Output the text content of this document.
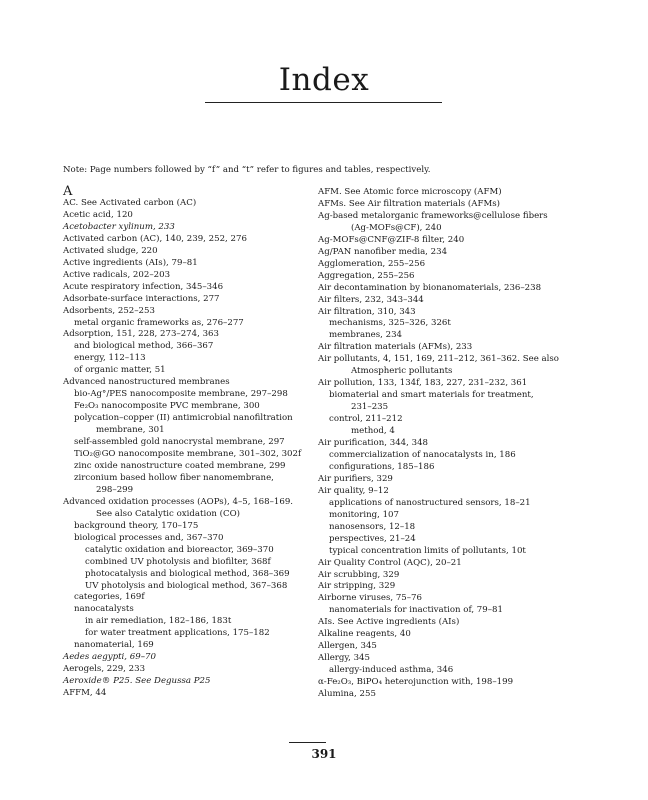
Index
Note: Page numbers followed by “f” and “t” refer to figures and tables, respectively.
A
AC. See Activated carbon (AC)
Acetic acid, 120
Acetobacter xylinum, 233
Activated carbon (AC), 140, 239, 252, 276
Activated sludge, 220
Active ingredients (AIs), 79–81
Active radicals, 202–203
Acute respiratory infection, 345–346
Adsorbate-surface interactions, 277
Adsorbents, 252–253
metal organic frameworks as, 276–277
Adsorption, 151, 228, 273–274, 363
and biological method, 366–367
energy, 112–113
of organic matter, 51
Advanced nanostructured membranes
bio-Ag°/PES nanocomposite membrane, 297–298
Fe₂O₃ nanocomposite PVC membrane, 300
polycation–copper (II) antimicrobial nanofiltration
membrane, 301
self-assembled gold nanocrystal membrane, 297
TiO₂@GO nanocomposite membrane, 301–302, 302f
zinc oxide nanostructure coated membrane, 299
zirconium based hollow fiber nanomembrane,
298–299
Advanced oxidation processes (AOPs), 4–5, 168–169.
See also Catalytic oxidation (CO)
background theory, 170–175
biological processes and, 367–370
catalytic oxidation and bioreactor, 369–370
combined UV photolysis and biofilter, 368f
photocatalysis and biological method, 368–369
UV photolysis and biological method, 367–368
categories, 169f
nanocatalysts
in air remediation, 182–186, 183t
for water treatment applications, 175–182
nanomaterial, 169
Aedes aegypti, 69–70
Aerogels, 229, 233
Aeroxide® P25. See Degussa P25
AFFM, 44
AFM. See Atomic force microscopy (AFM)
AFMs. See Air filtration materials (AFMs)
Ag-based metalorganic frameworks@cellulose fibers
(Ag-MOFs@CF), 240
Ag-MOFs@CNF@ZIF-8 filter, 240
Ag/PAN nanofiber media, 234
Agglomeration, 255–256
Aggregation, 255–256
Air decontamination by bionanomaterials, 236–238
Air filters, 232, 343–344
Air filtration, 310, 343
mechanisms, 325–326, 326t
membranes, 234
Air filtration materials (AFMs), 233
Air pollutants, 4, 151, 169, 211–212, 361–362. See also
Atmospheric pollutants
Air pollution, 133, 134f, 183, 227, 231–232, 361
biomaterial and smart materials for treatment,
231–235
control, 211–212
method, 4
Air purification, 344, 348
commercialization of nanocatalysts in, 186
configurations, 185–186
Air purifiers, 329
Air quality, 9–12
applications of nanostructured sensors, 18–21
monitoring, 107
nanosensors, 12–18
perspectives, 21–24
typical concentration limits of pollutants, 10t
Air Quality Control (AQC), 20–21
Air scrubbing, 329
Air stripping, 329
Airborne viruses, 75–76
nanomaterials for inactivation of, 79–81
AIs. See Active ingredients (AIs)
Alkaline reagents, 40
Allergen, 345
Allergy, 345
allergy-induced asthma, 346
α-Fe₂O₃, BiPO₄ heterojunction with, 198–199
Alumina, 255
391
